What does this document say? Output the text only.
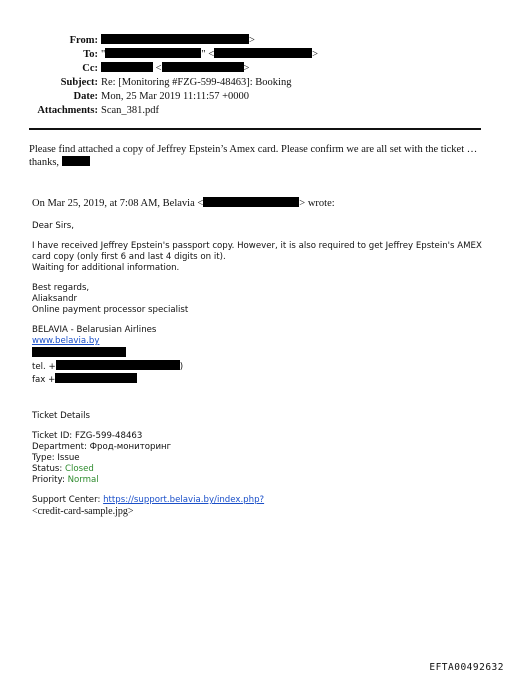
From:	>
To: "	" <	>
Cc:	<	>
Subject: Re: [Monitoring #FZG-599-48463]: Booking
Date: Mon, 25 Mar 2019 11:11:57 +0000
Attachments: Scan_381.pdf
Please find attached a copy of Jeffrey Epstein’s Amex card. Please confirm we are all set with the ticket …
thanks,
On Mar 25, 2019, at 7:08 AM, Belavia <	> wrote:

Dear Sirs,

I have received Jeffrey Epstein's passport copy. However, it is also required to get Jeffrey Epstein's AMEX

card copy (only first 6 and last 4 digits on it).

Waiting for additional information.

Best regards,

Aliaksandr

Online payment processor specialist

BELAVIA - Belarusian Airlines

www.belavia.by

tel. +	)

fax +

Ticket Details

Ticket ID: FZG-599-48463

Department: Фрод-мониторинг

Type: Issue

Status: Closed

Priority: Normal

Support Center: https://support.belavia.by/index.php?

<credit-card-sample.jpg>

EFTA00492632
